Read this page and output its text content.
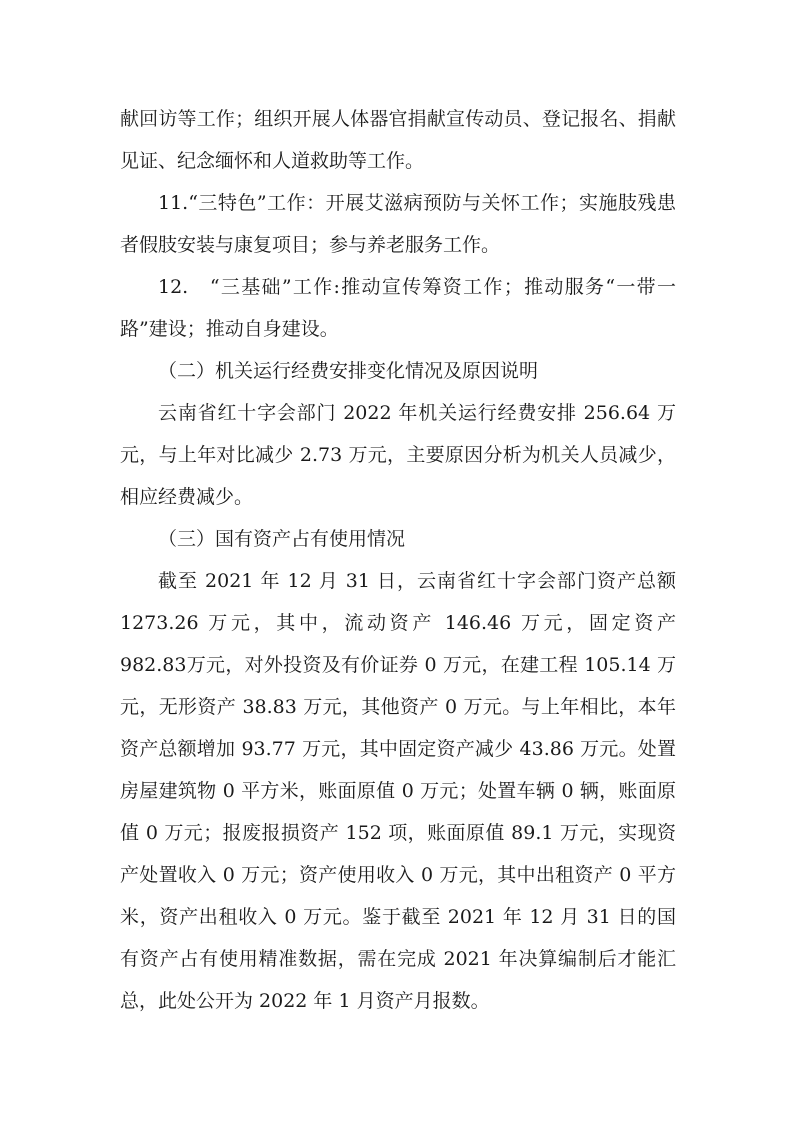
献回访等工作；组织开展人体器官捐献宣传动员、登记报名、捐献见证、纪念缅怀和人道救助等工作。

11.“三特色”工作：开展艾滋病预防与关怀工作；实施肢残患者假肢安装与康复项目；参与养老服务工作。

12.　“三基础”工作:推动宣传筹资工作；推动服务“一带一路”建设；推动自身建设。

（二）机关运行经费安排变化情况及原因说明

云南省红十字会部门 2022 年机关运行经费安排 256.64 万元，与上年对比减少 2.73 万元，主要原因分析为机关人员减少，相应经费减少。

（三）国有资产占有使用情况

截至 2021 年 12 月 31 日，云南省红十字会部门资产总额1273.26 万元，其中，流动资产 146.46 万元，固定资产 982.83万元，对外投资及有价证券 0 万元，在建工程 105.14 万元，无形资产 38.83 万元，其他资产 0 万元。与上年相比，本年资产总额增加 93.77 万元，其中固定资产减少 43.86 万元。处置房屋建筑物 0 平方米，账面原值 0 万元；处置车辆 0 辆，账面原值 0 万元；报废报损资产 152 项，账面原值 89.1 万元，实现资产处置收入 0 万元；资产使用收入 0 万元，其中出租资产 0 平方米，资产出租收入 0 万元。鉴于截至 2021 年 12 月 31 日的国有资产占有使用精准数据，需在完成 2021 年决算编制后才能汇总，此处公开为 2022 年 1 月资产月报数。
